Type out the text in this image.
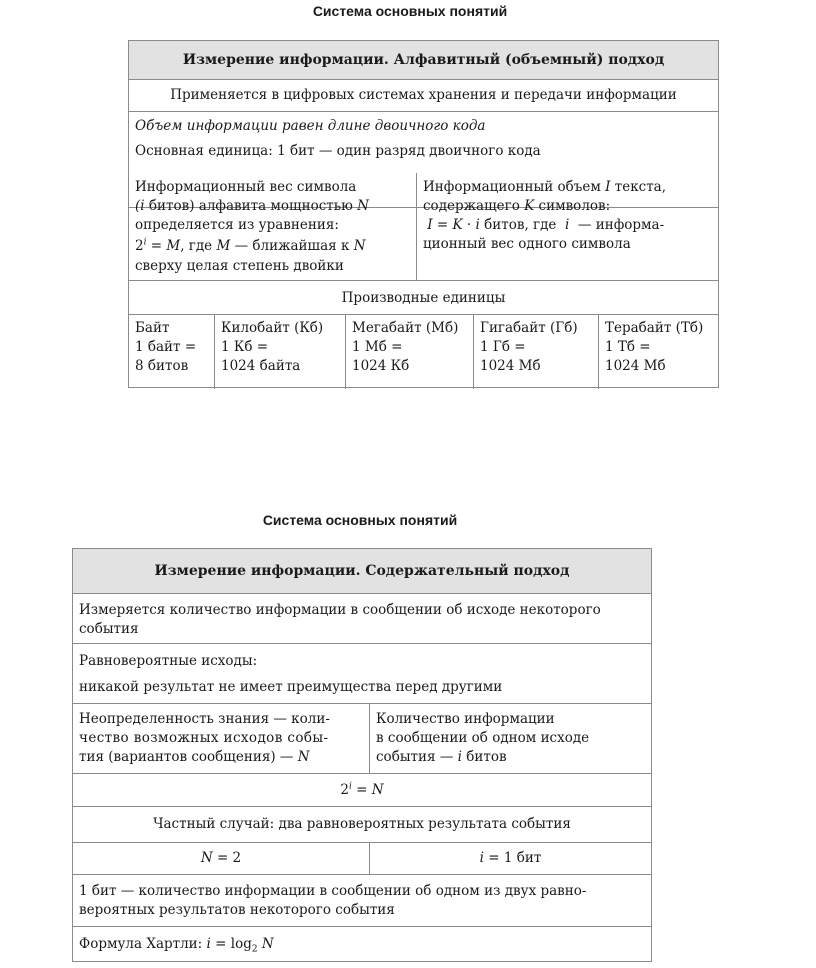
Система основных понятий
Измерение информации. Алфавитный (объемный) подход
Применяется в цифровых системах хранения и передачи информации
Объем информации равен длине двоичного кода
Основная единица: 1 бит — один разряд двоичного кода
Информационный вес символа
(i битов) алфавита мощностью N
определяется из уравнения:
$2^i = M$, где M — ближайшая к N
сверху целая степень двойки
Информационный объем I текста,
содержащего K символов:
I = K · i битов, где  i  — информа-
ционный вес одного символа
Производные единицы
Байт
1 байт =
8 битов
Килобайт (Кб)
1 Кб =
1024 байта
Мегабайт (Мб)
1 Мб =
1024 Кб
Гигабайт (Гб)
1 Гб =
1024 Мб
Терабайт (Тб)
1 Тб =
1024 Мб
Система основных понятий
Измерение информации. Содержательный подход
Измеряется количество информации в сообщении об исходе некоторого
события
Равновероятные исходы:
никакой результат не имеет преимущества перед другими
Неопределенность знания — коли-
чество возможных исходов собы-
тия (вариантов сообщения) — N
Количество информации
в сообщении об одном исходе
события — i битов
$2^i = N$
Частный случай: два равновероятных результата события
N = 2	i = 1 бит
1 бит — количество информации в сообщении об одном из двух равно-
вероятных результатов некоторого события
Формула Хартли: $i = \log_2 N$
